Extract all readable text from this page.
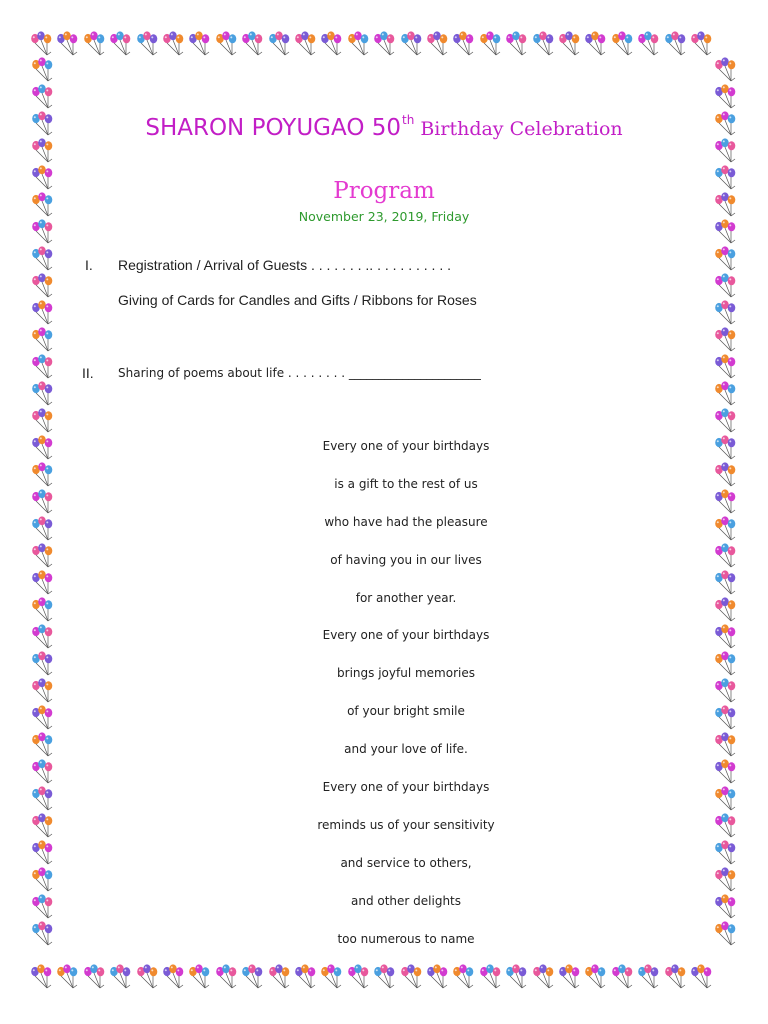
SHARON POYUGAO 50th Birthday Celebration
Program
November 23, 2019, Friday
I. Registration / Arrival of Guests . . . . . . . .. . . . . . . . . . .
Giving of Cards for Candles and Gifts / Ribbons for Roses
II. Sharing of poems about life . . . . . . . . ______________________
Every one of your birthdays
is a gift to the rest of us
who have had the pleasure
of having you in our lives
for another year.
Every one of your birthdays
brings joyful memories
of your bright smile
and your love of life.
Every one of your birthdays
reminds us of your sensitivity
and service to others,
and other delights
too numerous to name
